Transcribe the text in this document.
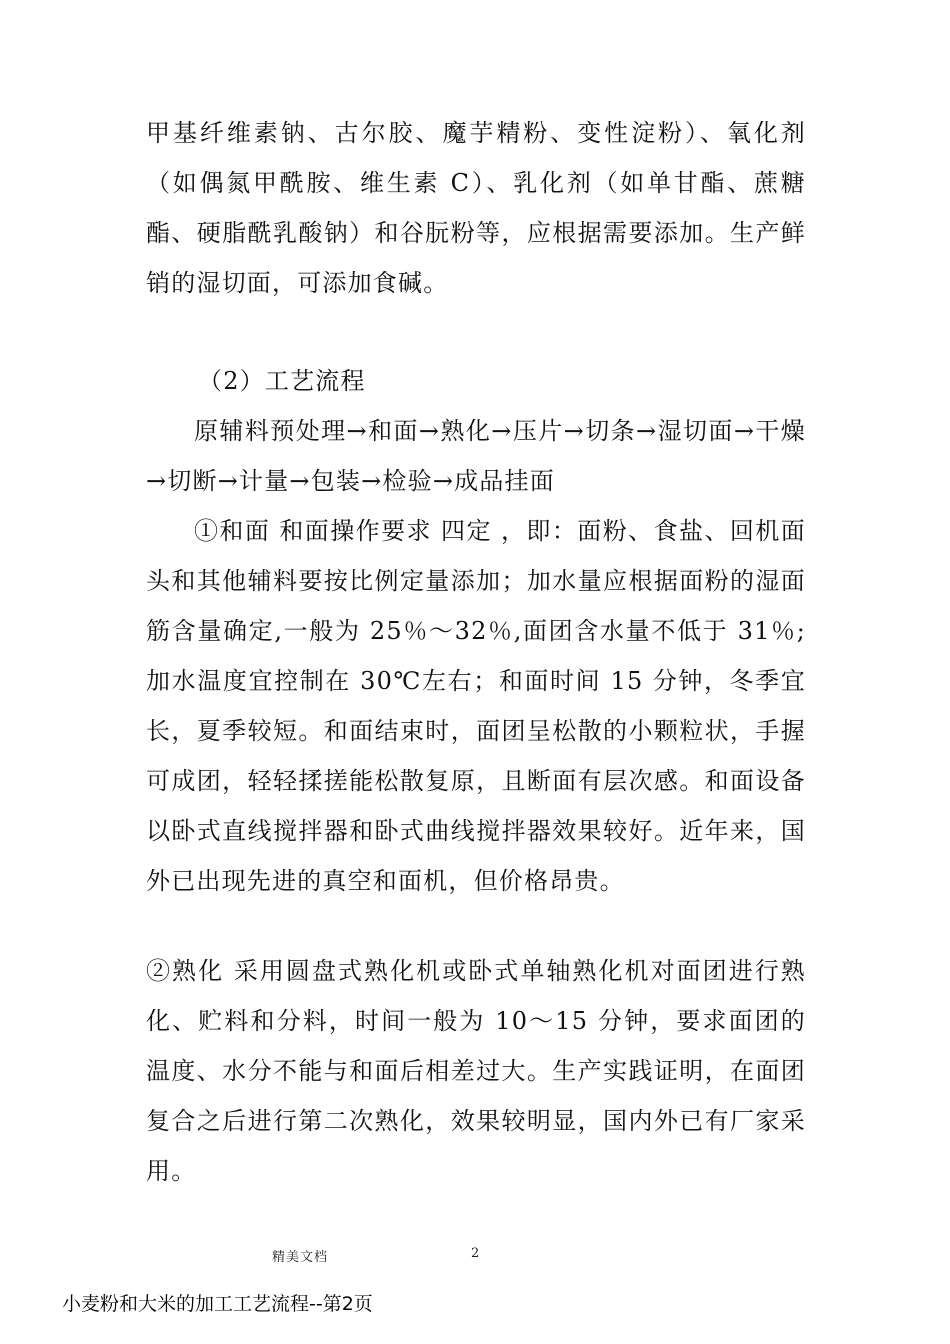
甲基纤维素钠、古尔胶、魔芋精粉、变性淀粉）、氧化剂（如偶氮甲酰胺、维生素 C）、乳化剂（如单甘酯、蔗糖酯、硬脂酰乳酸钠）和谷朊粉等，应根据需要添加。生产鲜销的湿切面，可添加食碱。

（2）工艺流程

原辅料预处理→和面→熟化→压片→切条→湿切面→干燥→切断→计量→包装→检验→成品挂面

①和面 和面操作要求 四定 ，即：面粉、食盐、回机面头和其他辅料要按比例定量添加；加水量应根据面粉的湿面筋含量确定,一般为 25％～32％,面团含水量不低于 31％;加水温度宜控制在 30℃左右；和面时间 15 分钟，冬季宜长，夏季较短。和面结束时，面团呈松散的小颗粒状，手握可成团，轻轻揉搓能松散复原，且断面有层次感。和面设备以卧式直线搅拌器和卧式曲线搅拌器效果较好。近年来，国外已出现先进的真空和面机，但价格昂贵。

②熟化 采用圆盘式熟化机或卧式单轴熟化机对面团进行熟化、贮料和分料，时间一般为 10～15 分钟，要求面团的温度、水分不能与和面后相差过大。生产实践证明，在面团复合之后进行第二次熟化，效果较明显，国内外已有厂家采用。

精美文档	2
小麦粉和大米的加工工艺流程--第2页
